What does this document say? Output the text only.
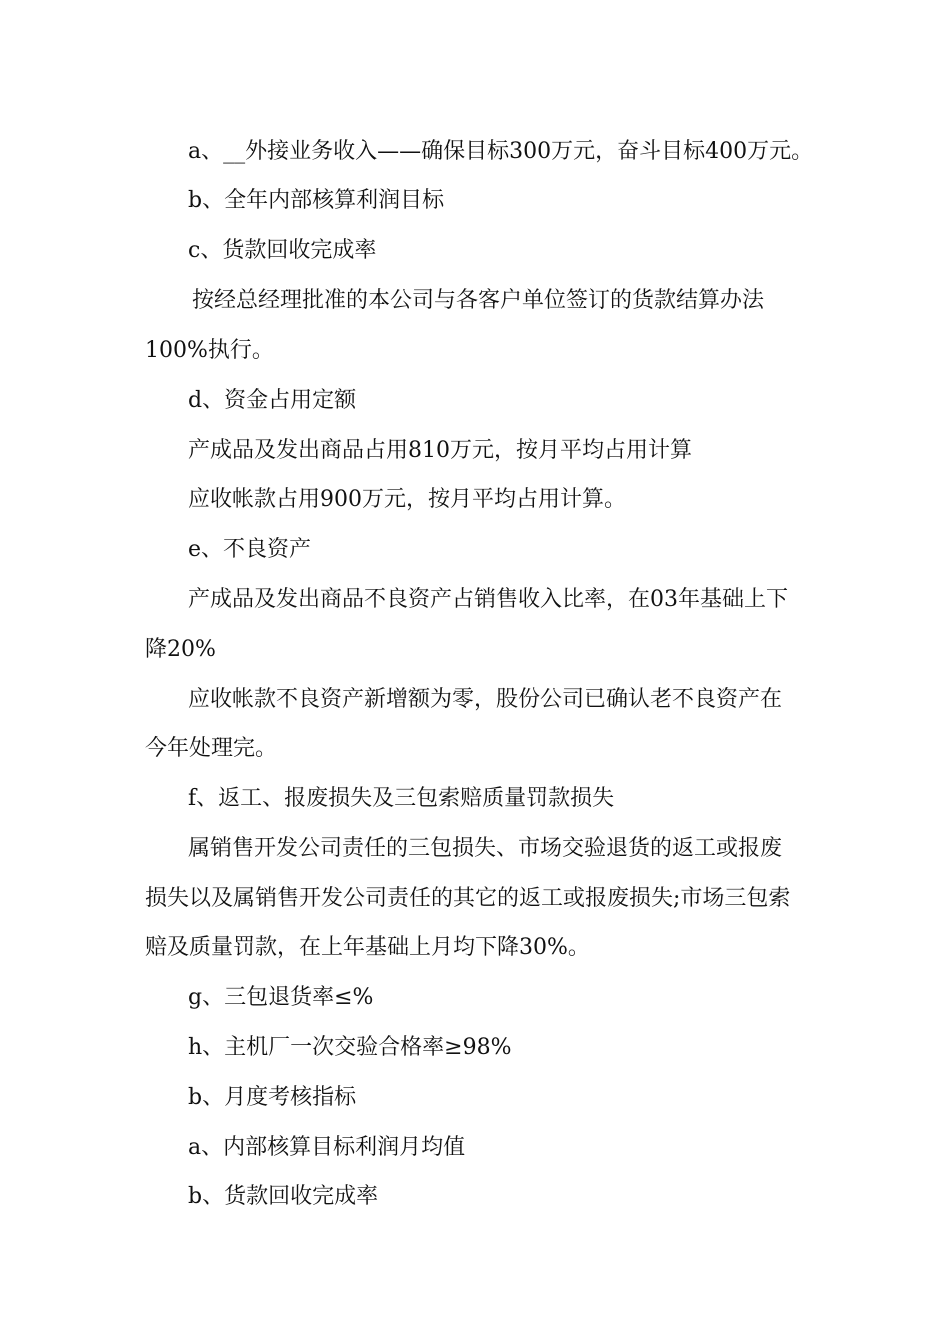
a、__外接业务收入——确保目标300万元，奋斗目标400万元。
b、全年内部核算利润目标
c、货款回收完成率
按经总经理批准的本公司与各客户单位签订的货款结算办法
100%执行。
d、资金占用定额
产成品及发出商品占用810万元，按月平均占用计算
应收帐款占用900万元，按月平均占用计算。
e、不良资产
产成品及发出商品不良资产占销售收入比率，在03年基础上下
降20%
应收帐款不良资产新增额为零，股份公司已确认老不良资产在
今年处理完。
f、返工、报废损失及三包索赔质量罚款损失
属销售开发公司责任的三包损失、市场交验退货的返工或报废
损失以及属销售开发公司责任的其它的返工或报废损失;市场三包索
赔及质量罚款，在上年基础上月均下降30%。
g、三包退货率≤%
h、主机厂一次交验合格率≥98%
b、月度考核指标
a、内部核算目标利润月均值
b、货款回收完成率
